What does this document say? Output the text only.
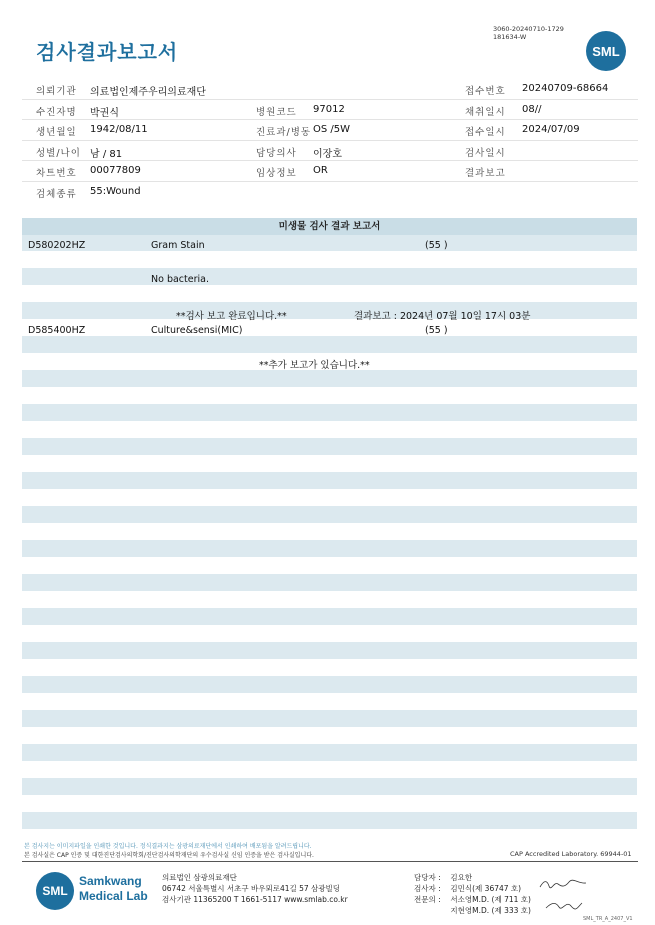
검사결과보고서
3060-20240710-1729
181634-W
SML
의뢰기관 의료법인제주우리의료재단	접수번호 20240709-68664
수진자명 박권식	병원코드 97012	채취일시 08//
생년월일 1942/08/11	진료과/병동 OS /5W	접수일시 2024/07/09
성별/나이 남 / 81	담당의사 이장호	검사일시
차트번호 00077809	임상정보 OR	결과보고
검체종류 55:Wound
미생물 검사 결과 보고서
D580202HZ	Gram Stain	(55 )
No bacteria.
**검사 보고 완료입니다.**	결과보고 : 2024년 07월 10일 17시 03분
D585400HZ	Culture&sensi(MIC)	(55 )
**추가 보고가 있습니다.**
본 검사지는 이미지파일을 인쇄한 것입니다. 정식결과지는 삼광의료재단에서 인쇄하여 배포됨을 알려드립니다.
본 검사실은 CAP 인증 및 대한진단검사의학회/진단검사의학재단의 우수검사실 신임 인증을 받은 검사실입니다.	CAP Accredited Laboratory. 69944-01
SML
Samkwang
Medical Lab
의료법인 삼광의료재단
06742 서울특별시 서초구 바우뫼로41길 57 삼광빌딩
검사기관 11365200 T 1661-5117 www.smlab.co.kr
담당자 : 김요한
검사자 : 김민식(제 36747 호)
전문의 : 서소영M.D. (제 711 호)
지현영M.D. (제 333 호)
SML_TR_A_2407_V1
